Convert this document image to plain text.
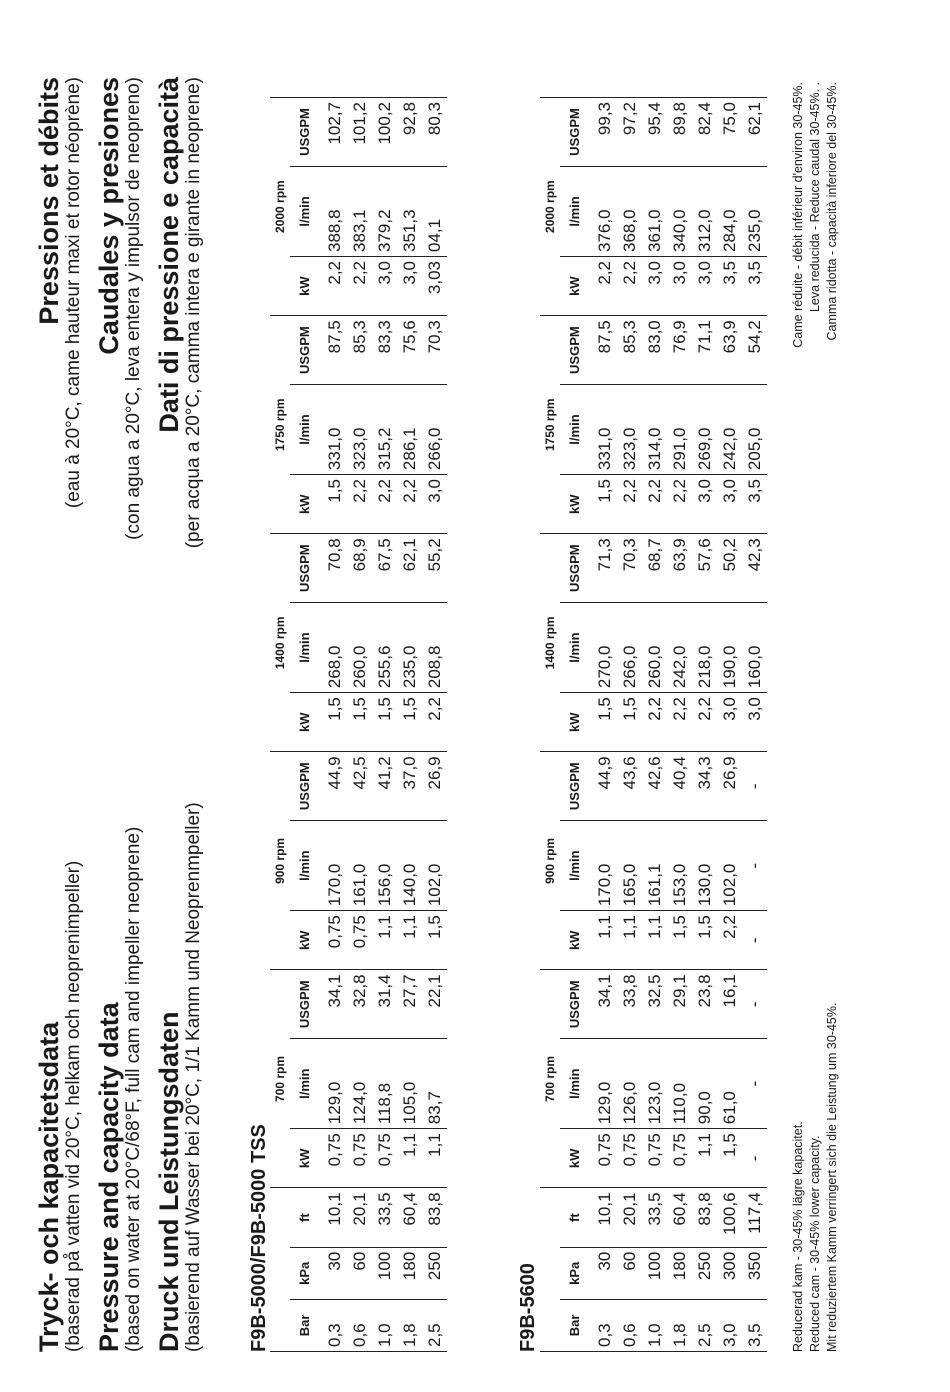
Tryck- och kapacitetsdata (baserad på vatten vid 20°C, helkam och neoprenimpeller) Pressure and capacity data (based on water at 20°C/68°F, full cam and impeller neoprene) Druck und Leistungsdaten (basierend auf Wasser bei 20°C, 1/1 Kamm und Neoprenmpeller)

Pressions et débits (eau à 20°C, came hauteur maxi et rotor néoprène) Caudales y presiones (con agua a 20°C, leva entera y impulsor de neopreno) Dati di pressione e capacità (per acqua a 20°C, camma intera e girante in neoprene)

F9B-5000/F9B-5000 TSS
			700 rpm			900 rpm			1400 rpm			1750 rpm			2000 rpm		
Bar	kPa	ft	kW	l/min	USGPM	kW	l/min	USGPM	kW	l/min	USGPM	kW	l/min	USGPM	kW	l/min	USGPM
0,3	30	10,1	0,75	129,0	34,1	0,75	170,0	44,9	1,5	268,0	70,8	1,5	331,0	87,5	2,2	388,8	102,7
0,6	60	20,1	0,75	124,0	32,8	0,75	161,0	42,5	1,5	260,0	68,9	2,2	323,0	85,3	2,2	383,1	101,2
1,0	100	33,5	0,75	118,8	31,4	1,1	156,0	41,2	1,5	255,6	67,5	2,2	315,2	83,3	3,0	379,2	100,2
1,8	180	60,4	1,1	105,0	27,7	1,1	140,0	37,0	1,5	235,0	62,1	2,2	286,1	75,6	3,0	351,3	92,8
2,5	250	83,8	1,1	83,7	22,1	1,5	102,0	26,9	2,2	208,8	55,2	3,0	266,0	70,3	3,03	04,1	80,3
F9B-5600
			700 rpm			900 rpm			1400 rpm			1750 rpm			2000 rpm		
Bar	kPa	ft	kW	l/min	USGPM	kW	l/min	USGPM	kW	l/min	USGPM	kW	l/min	USGPM	kW	l/min	USGPM
0,3	30	10,1	0,75	129,0	34,1	1,1	170,0	44,9	1,5	270,0	71,3	1,5	331,0	87,5	2,2	376,0	99,3
0,6	60	20,1	0,75	126,0	33,8	1,1	165,0	43,6	1,5	266,0	70,3	2,2	323,0	85,3	2,2	368,0	97,2
1,0	100	33,5	0,75	123,0	32,5	1,1	161,1	42,6	2,2	260,0	68,7	2,2	314,0	83,0	3,0	361,0	95,4
1,8	180	60,4	0,75	110,0	29,1	1,5	153,0	40,4	2,2	242,0	63,9	2,2	291,0	76,9	3,0	340,0	89,8
2,5	250	83,8	1,1	90,0	23,8	1,5	130,0	34,3	2,2	218,0	57,6	3,0	269,0	71,1	3,0	312,0	82,4
3,0	300	100,6	1,5	61,0	16,1	2,2	102,0	26,9	3,0	190,0	50,2	3,0	242,0	63,9	3,5	284,0	75,0
3,5	350	117,4	-	-	-	-	-	-	3,0	160,0	42,3	3,5	205,0	54,2	3,5	235,0	62,1
Reducerad kam - 30-45% lägre kapacitet. Reduced cam - 30-45% lower capacity. Mit reduziertem Kamm verringert sich die Leistung um 30-45%.
Came réduite - débit inférieur d'environ 30-45%. Leva reducida - Reduce caudal 30-45%. . Camma ridotta - capacità inferiore del 30-45%.
